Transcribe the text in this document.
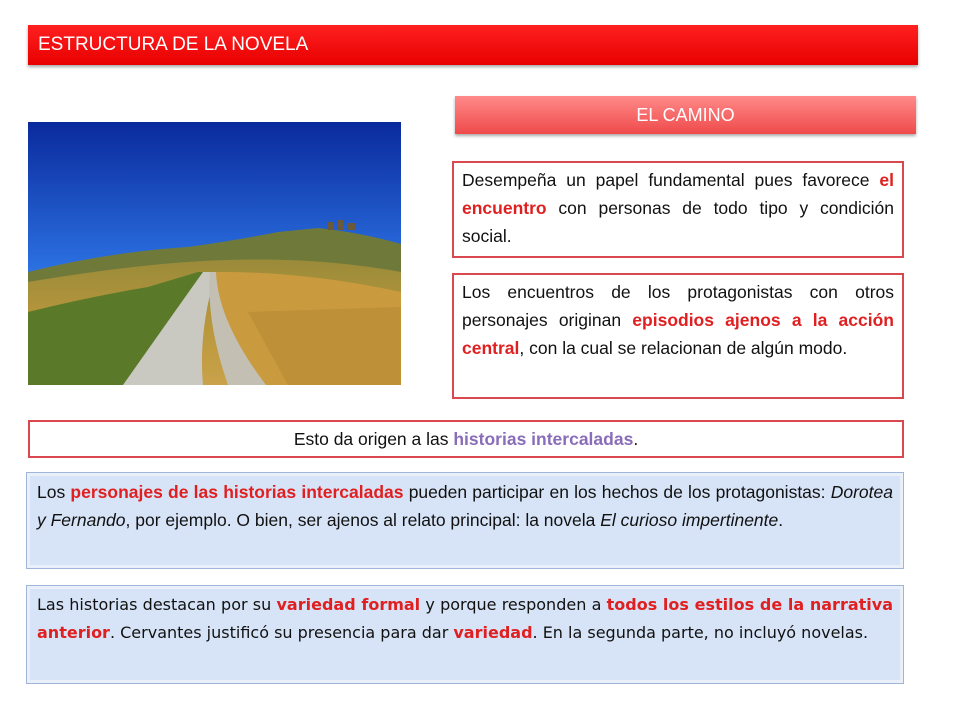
ESTRUCTURA DE LA NOVELA
EL CAMINO
Desempeña un papel fundamental pues favorece el encuentro con personas de todo tipo y condición social.
Los encuentros de los protagonistas con otros personajes originan episodios ajenos a la acción central, con la cual se relacionan de algún modo.
Esto da origen a las historias intercaladas.
Los personajes de las historias intercaladas pueden participar en los hechos de los protagonistas: Dorotea y Fernando, por ejemplo. O bien, ser ajenos al relato principal: la novela El curioso impertinente.
Las historias destacan por su variedad formal y porque responden a todos los estilos de la narrativa anterior. Cervantes justificó su presencia para dar variedad. En la segunda parte, no incluyó novelas.
